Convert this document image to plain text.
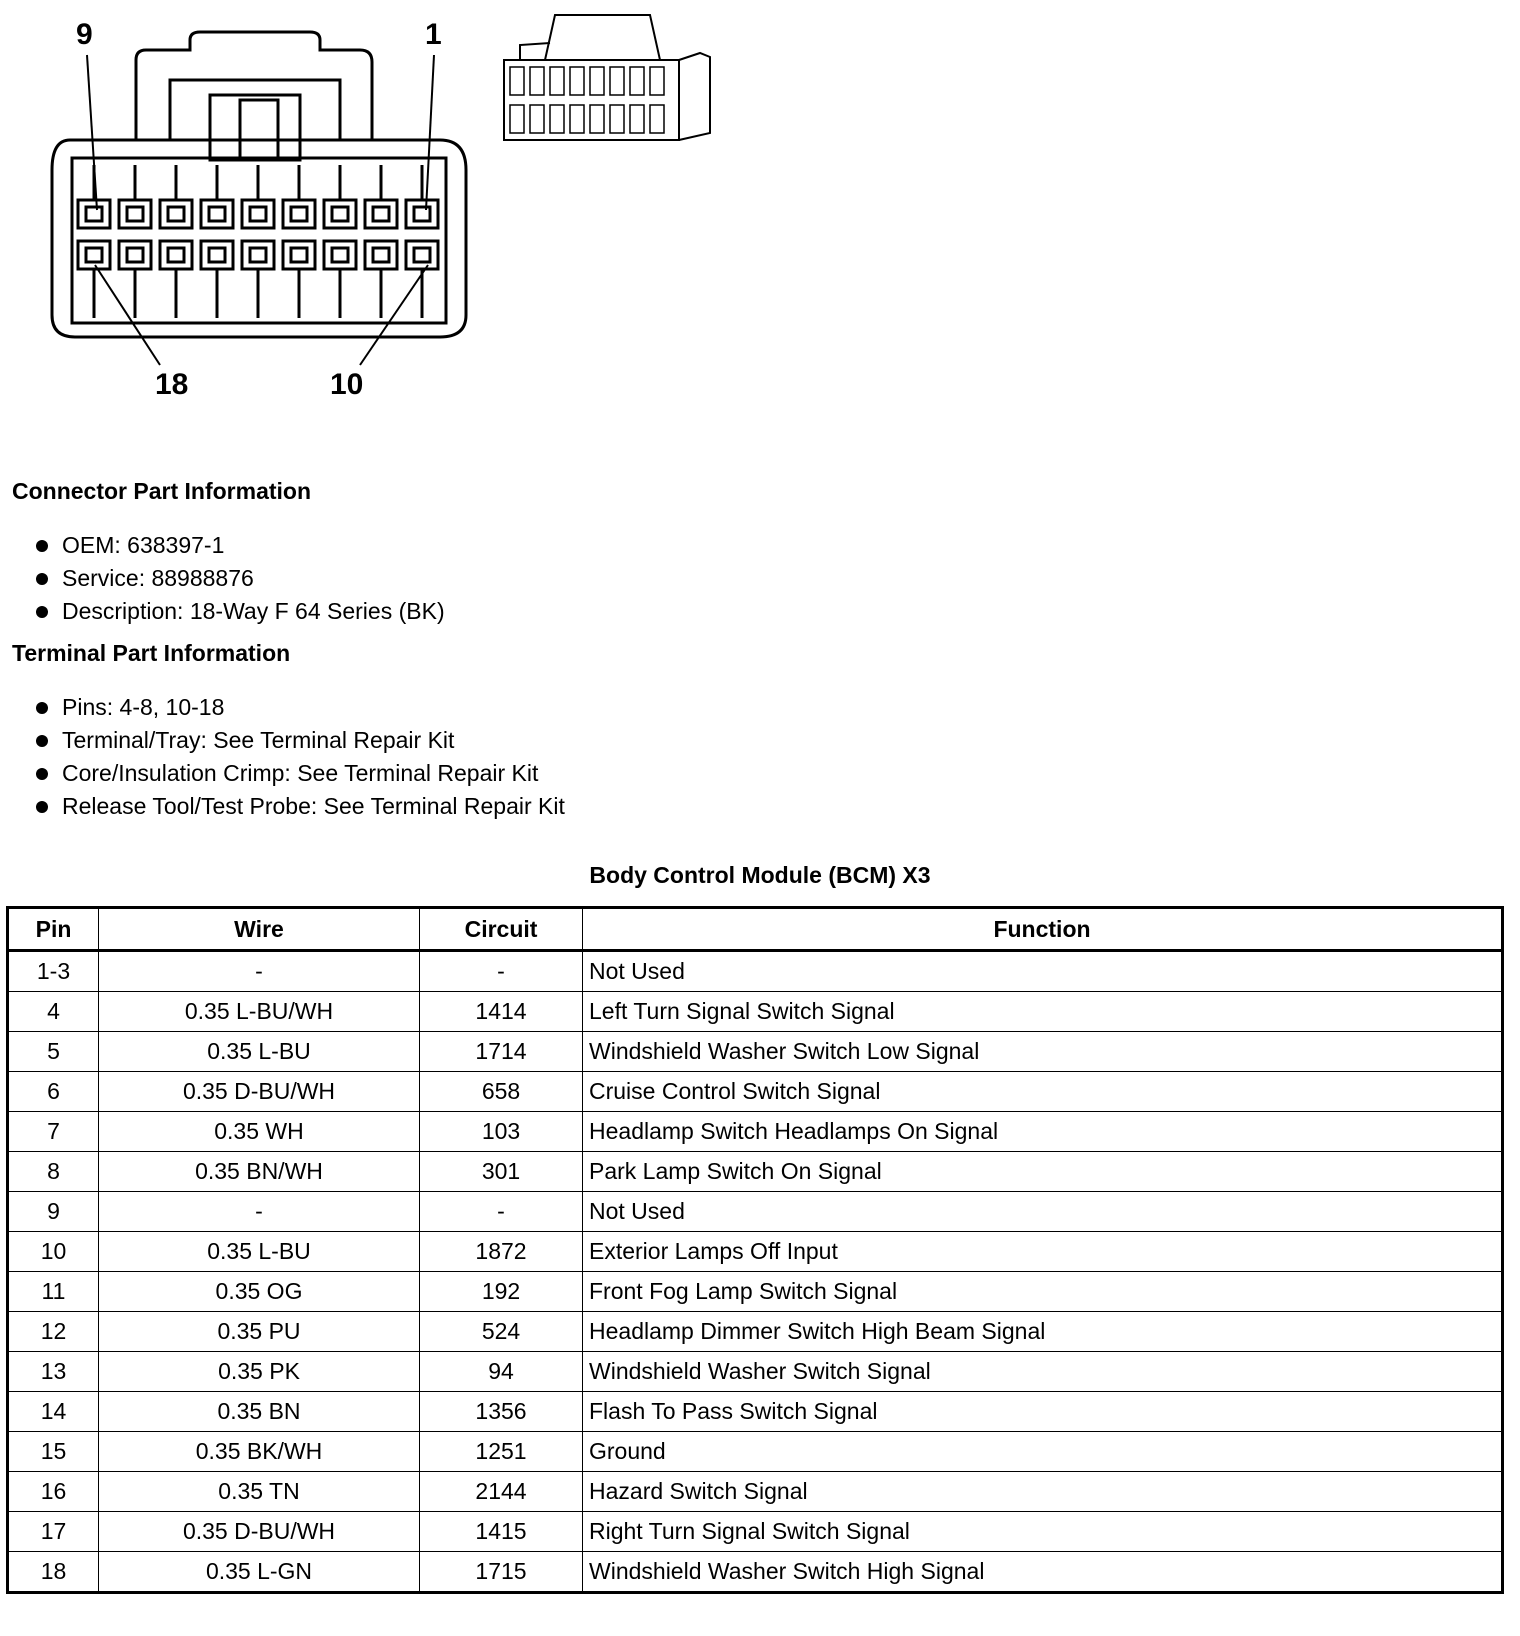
9	1
18	10
Connector Part Information
OEM: 638397-1
Service: 88988876
Description: 18-Way F 64 Series (BK)
Terminal Part Information
Pins: 4-8, 10-18
Terminal/Tray: See Terminal Repair Kit
Core/Insulation Crimp: See Terminal Repair Kit
Release Tool/Test Probe: See Terminal Repair Kit
Body Control Module (BCM) X3
Pin	Wire	Circuit	Function
1-3	-	-	Not Used
4	0.35 L-BU/WH	1414	Left Turn Signal Switch Signal
5	0.35 L-BU	1714	Windshield Washer Switch Low Signal
6	0.35 D-BU/WH	658	Cruise Control Switch Signal
7	0.35 WH	103	Headlamp Switch Headlamps On Signal
8	0.35 BN/WH	301	Park Lamp Switch On Signal
9	-	-	Not Used
10	0.35 L-BU	1872	Exterior Lamps Off Input
11	0.35 OG	192	Front Fog Lamp Switch Signal
12	0.35 PU	524	Headlamp Dimmer Switch High Beam Signal
13	0.35 PK	94	Windshield Washer Switch Signal
14	0.35 BN	1356	Flash To Pass Switch Signal
15	0.35 BK/WH	1251	Ground
16	0.35 TN	2144	Hazard Switch Signal
17	0.35 D-BU/WH	1415	Right Turn Signal Switch Signal
18	0.35 L-GN	1715	Windshield Washer Switch High Signal
